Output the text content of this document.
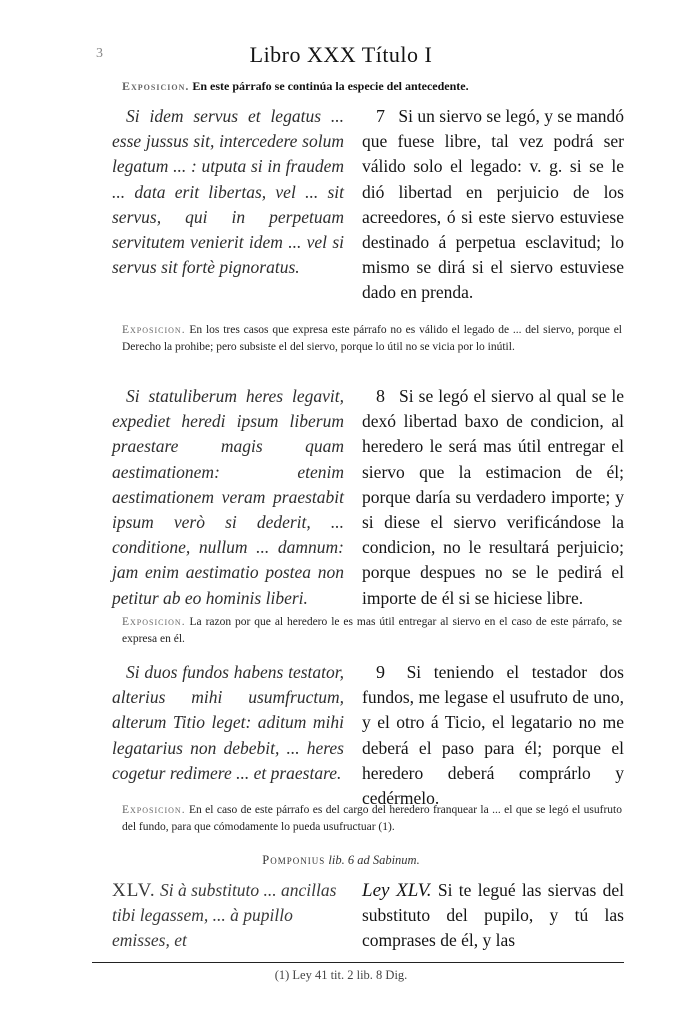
3	Libro XXX Título I
Exposicion. En este párrafo se continúa la especie del antecedente.

Si idem servus et legatus ... esse jussus sit, intercedere solum legatum ... : utputa si in fraudem ... data erit libertas, vel ... sit servus, qui in perpetuam servitutem venierit idem ... vel si servus sit fortè pignoratus.

7 Si un siervo se legó, y se mandó que fuese libre, tal vez podrá ser válido solo el legado: v. g. si se le dió libertad en perjuicio de los acreedores, ó si este siervo estuviese destinado á perpetua esclavitud; lo mismo se dirá si el siervo estuviese dado en prenda.

Exposicion. En los tres casos que expresa este párrafo no es válido el legado de ... del siervo, porque el Derecho la prohibe; pero subsiste el del siervo, porque lo útil no se vicia por lo inútil.

Si statuliberum heres legavit, expediet heredi ipsum liberum praestare magis quam aestimationem: etenim aestimationem veram praestabit ipsum verò si dederit, ... conditione, nullum ... damnum: jam enim aestimatio postea non petitur ab eo hominis liberi.

8 Si se legó el siervo al qual se le dexó libertad baxo de condicion, al heredero le será mas útil entregar el siervo que la estimacion de él; porque daría su verdadero importe; y si diese el siervo verificándose la condicion, no le resultará perjuicio; porque despues no se le pedirá el importe de él si se hiciese libre.

Exposicion. La razon por que al heredero le es mas útil entregar al siervo en el caso de este párrafo, se expresa en él.

Si duos fundos habens testator, alterius mihi usumfructum, alterum Titio leget: aditum mihi legatarius non debebit, ... heres cogetur redimere ... et praestare.

9 Si teniendo el testador dos fundos, me legase el usufruto de uno, y el otro á Ticio, el legatario no me deberá el paso para él; porque el heredero deberá comprárlo y cedérmelo.

Exposicion. En el caso de este párrafo es del cargo del heredero franquear la ... el que se legó el usufruto del fundo, para que cómodamente lo pueda usufructuar (1).
Pomponius lib. 6 ad Sabinum.
XLV. Si à substituto ... ancillas tibi legassem, ... à pupillo emisses, et
Ley XLV. Si te legué las siervas del substituto del pupilo, y tú las comprases de él, y las
(1) Ley 41 tit. 2 lib. 8 Dig.
